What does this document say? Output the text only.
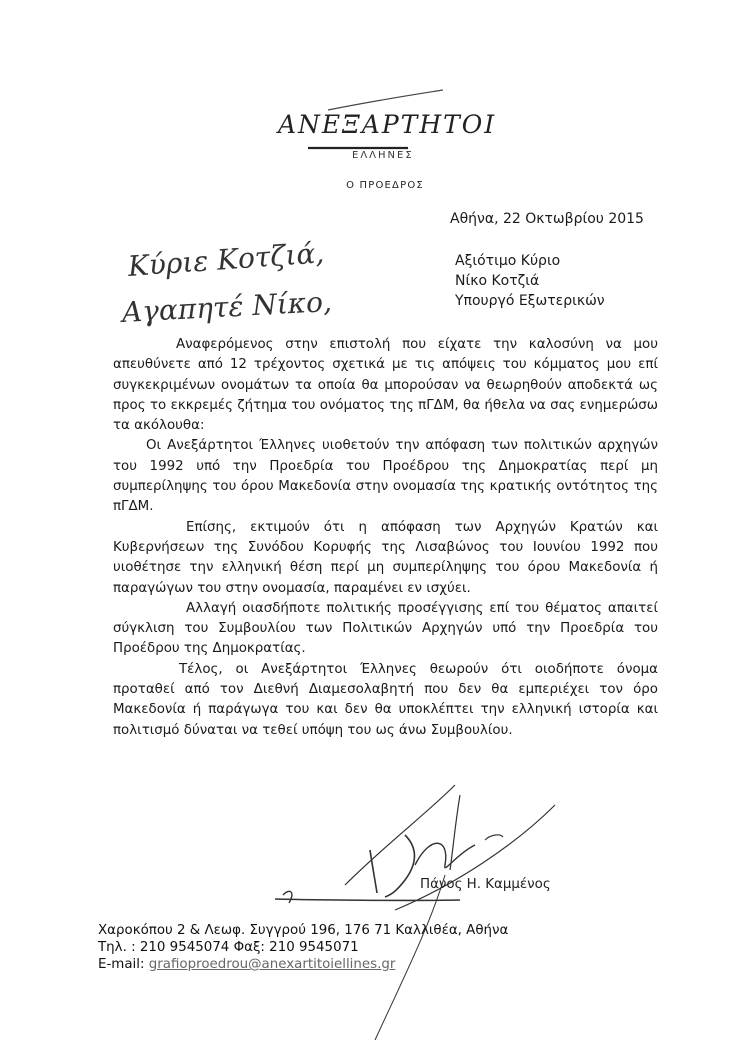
ΑΝΕΞΑΡΤΗΤΟΙ
ΕΛΛΗΝΕΣ
Ο ΠΡΟΕΔΡΟΣ
Αθήνα, 22 Οκτωβρίου 2015
Αξιότιμο Κύριο
Νίκο Κοτζιά
Υπουργό Εξωτερικών
Κύριε Κοτζιά,
Αγαπητέ Νίκο,

Αναφερόμενος στην επιστολή που είχατε την καλοσύνη να μου απευθύνετε από 12 τρέχοντος σχετικά με τις απόψεις του κόμματος μου επί συγκεκριμένων ονομάτων τα οποία θα μπορούσαν να θεωρηθούν αποδεκτά ως προς το εκκρεμές ζήτημα του ονόματος της πΓΔΜ, θα ήθελα να σας ενημερώσω τα ακόλουθα:

Οι Ανεξάρτητοι Έλληνες υιοθετούν την απόφαση των πολιτικών αρχηγών του 1992 υπό την Προεδρία του Προέδρου της Δημοκρατίας περί μη συμπερίληψης του όρου Μακεδονία στην ονομασία της κρατικής οντότητος της πΓΔΜ.

Επίσης, εκτιμούν ότι η απόφαση των Αρχηγών Κρατών και Κυβερνήσεων της Συνόδου Κορυφής της Λισαβώνος του Ιουνίου 1992 που υιοθέτησε την ελληνική θέση περί μη συμπερίληψης του όρου Μακεδονία ή παραγώγων του στην ονομασία, παραμένει εν ισχύει.

Αλλαγή οιασδήποτε πολιτικής προσέγγισης επί του θέματος απαιτεί σύγκλιση του Συμβουλίου των Πολιτικών Αρχηγών υπό την Προεδρία του Προέδρου της Δημοκρατίας.

Τέλος, οι Ανεξάρτητοι Έλληνες θεωρούν ότι οιοδήποτε όνομα προταθεί από τον Διεθνή Διαμεσολαβητή που δεν θα εμπεριέχει τον όρο Μακεδονία ή παράγωγα του και δεν θα υποκλέπτει την ελληνική ιστορία και πολιτισμό δύναται να τεθεί υπόψη του ως άνω Συμβουλίου.

Πάνος Η. Καμμένος
Χαροκόπου 2 & Λεωφ. Συγγρού 196, 176 71 Καλλιθέα, Αθήνα
Τηλ. : 210 9545074 Φαξ: 210 9545071
E-mail: grafioproedrou@anexartitoiellines.gr
